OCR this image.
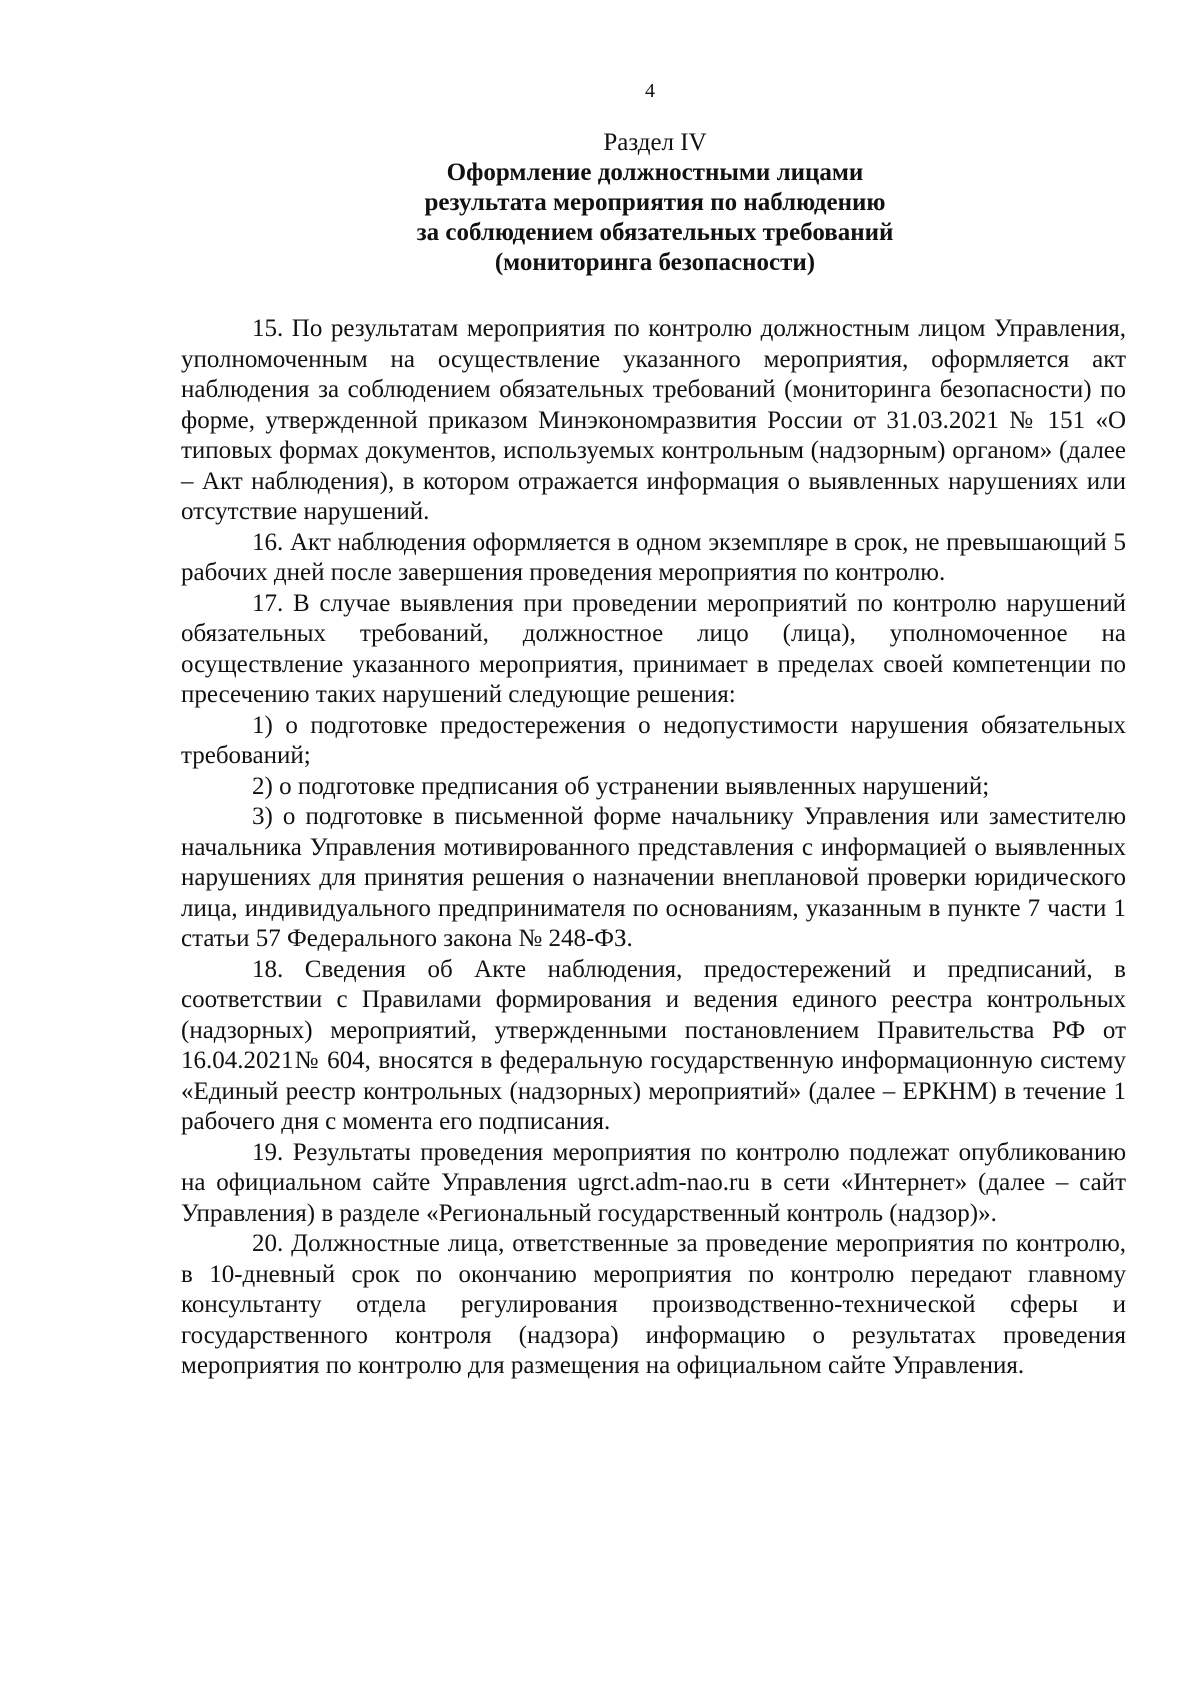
4
Раздел IV
Оформление должностными лицами
результата мероприятия по наблюдению
за соблюдением обязательных требований
(мониторинга безопасности)

15. По результатам мероприятия по контролю должностным лицом Управления, уполномоченным на осуществление указанного мероприятия, оформляется акт наблюдения за соблюдением обязательных требований (мониторинга безопасности) по форме, утвержденной приказом Минэкономразвития России от 31.03.2021 № 151 «О типовых формах документов, используемых контрольным (надзорным) органом» (далее – Акт наблюдения), в котором отражается информация о выявленных нарушениях или отсутствие нарушений.

16. Акт наблюдения оформляется в одном экземпляре в срок, не превышающий 5 рабочих дней после завершения проведения мероприятия по контролю.

17. В случае выявления при проведении мероприятий по контролю нарушений обязательных требований, должностное лицо (лица), уполномоченное на осуществление указанного мероприятия, принимает в пределах своей компетенции по пресечению таких нарушений следующие решения:

1) о подготовке предостережения о недопустимости нарушения обязательных требований;

2) о подготовке предписания об устранении выявленных нарушений;

3) о подготовке в письменной форме начальнику Управления или заместителю начальника Управления мотивированного представления с информацией о выявленных нарушениях для принятия решения о назначении внеплановой проверки юридического лица, индивидуального предпринимателя по основаниям, указанным в пункте 7 части 1 статьи 57 Федерального закона № 248-ФЗ.

18. Сведения об Акте наблюдения, предостережений и предписаний, в соответствии с Правилами формирования и ведения единого реестра контрольных (надзорных) мероприятий, утвержденными постановлением Правительства РФ от 16.04.2021№ 604, вносятся в федеральную государственную информационную систему «Единый реестр контрольных (надзорных) мероприятий» (далее – ЕРКНМ) в течение 1 рабочего дня с момента его подписания.

19. Результаты проведения мероприятия по контролю подлежат опубликованию на официальном сайте Управления ugrct.adm-nao.ru в сети «Интернет» (далее – сайт Управления) в разделе «Региональный государственный контроль (надзор)».

20. Должностные лица, ответственные за проведение мероприятия по контролю, в 10-дневный срок по окончанию мероприятия по контролю передают главному консультанту отдела регулирования производственно-технической сферы и государственного контроля (надзора) информацию о результатах проведения мероприятия по контролю для размещения на официальном сайте Управления.
